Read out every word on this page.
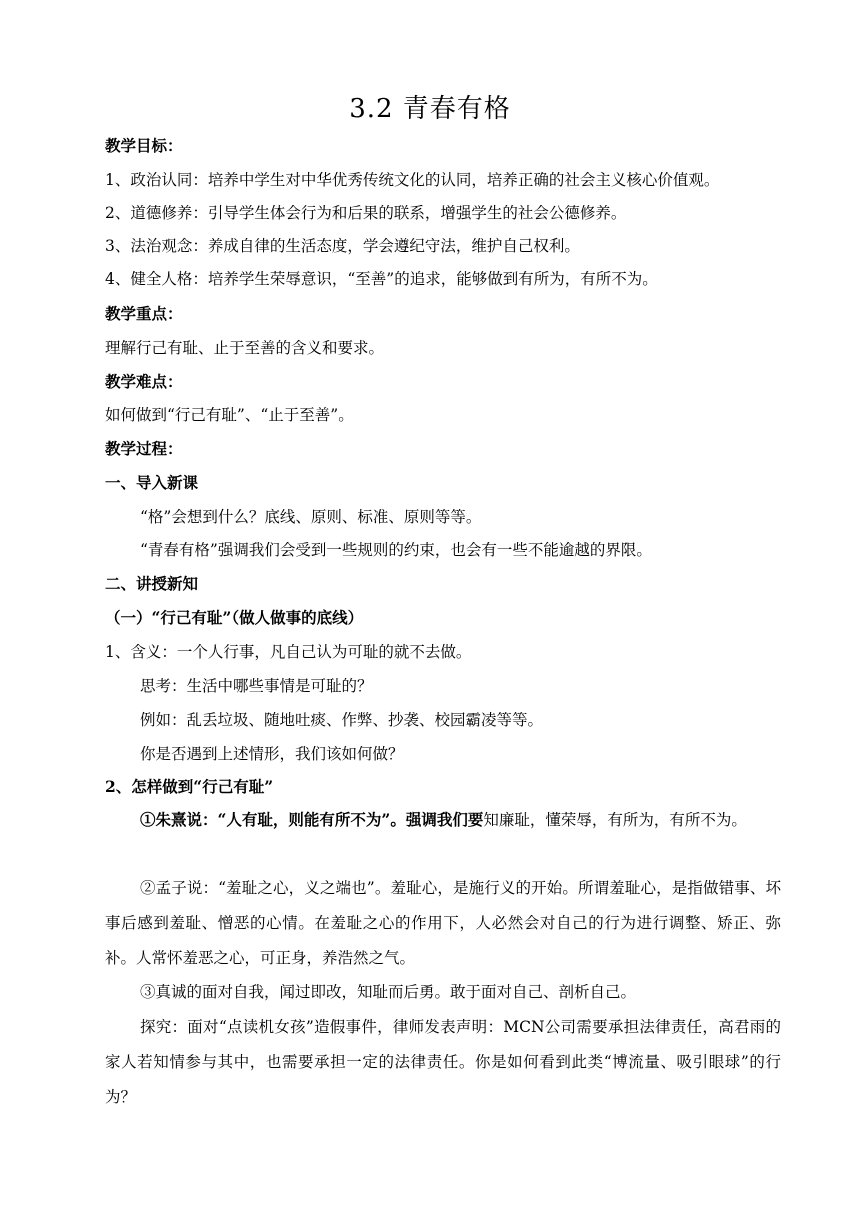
3.2 青春有格
教学目标：
1、政治认同：培养中学生对中华优秀传统文化的认同，培养正确的社会主义核心价值观。
2、道德修养：引导学生体会行为和后果的联系，增强学生的社会公德修养。
3、法治观念：养成自律的生活态度，学会遵纪守法，维护自己权利。
4、健全人格：培养学生荣辱意识，“至善”的追求，能够做到有所为，有所不为。
教学重点：
理解行己有耻、止于至善的含义和要求。
教学难点：
如何做到“行己有耻”、“止于至善”。
教学过程：
一、导入新课
“格”会想到什么？底线、原则、标准、原则等等。
“青春有格”强调我们会受到一些规则的约束，也会有一些不能逾越的界限。
二、讲授新知
（一）“行己有耻”（做人做事的底线）
1、含义：一个人行事，凡自己认为可耻的就不去做。
思考：生活中哪些事情是可耻的？
例如：乱丢垃圾、随地吐痰、作弊、抄袭、校园霸凌等等。
你是否遇到上述情形，我们该如何做？
2、怎样做到“行己有耻”
①朱熹说：“人有耻，则能有所不为”。强调我们要知廉耻，懂荣辱，有所为，有所不为。
②孟子说：“羞耻之心，义之端也”。羞耻心，是施行义的开始。所谓羞耻心，是指做错事、坏事后感到羞耻、憎恶的心情。在羞耻之心的作用下，人必然会对自己的行为进行调整、矫正、弥补。人常怀羞恶之心，可正身，养浩然之气。
③真诚的面对自我，闻过即改，知耻而后勇。敢于面对自己、剖析自己。
探究：面对“点读机女孩”造假事件，律师发表声明：MCN公司需要承担法律责任，高君雨的家人若知情参与其中，也需要承担一定的法律责任。你是如何看到此类“博流量、吸引眼球”的行为？
